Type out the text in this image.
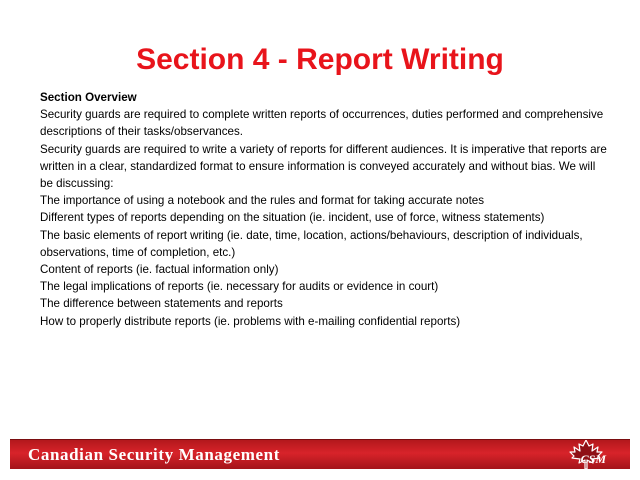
Section 4 - Report Writing
Section Overview
Security guards are required to complete written reports of occurrences, duties performed and comprehensive descriptions of their tasks/observances.
Security guards are required to write a variety of reports for different audiences. It is imperative that reports are written in a clear, standardized format to ensure information is conveyed accurately and without bias. We will be discussing:
The importance of using a notebook and the rules and format for taking accurate notes
Different types of reports depending on the situation (ie. incident, use of force, witness statements)
The basic elements of report writing (ie. date, time, location, actions/behaviours, description of individuals, observations, time of completion, etc.)
Content of reports (ie. factual information only)
The legal implications of reports (ie. necessary for audits or evidence in court)
The difference between statements and reports
How to properly distribute reports (ie. problems with e-mailing confidential reports)
Canadian Security Management	CSM
